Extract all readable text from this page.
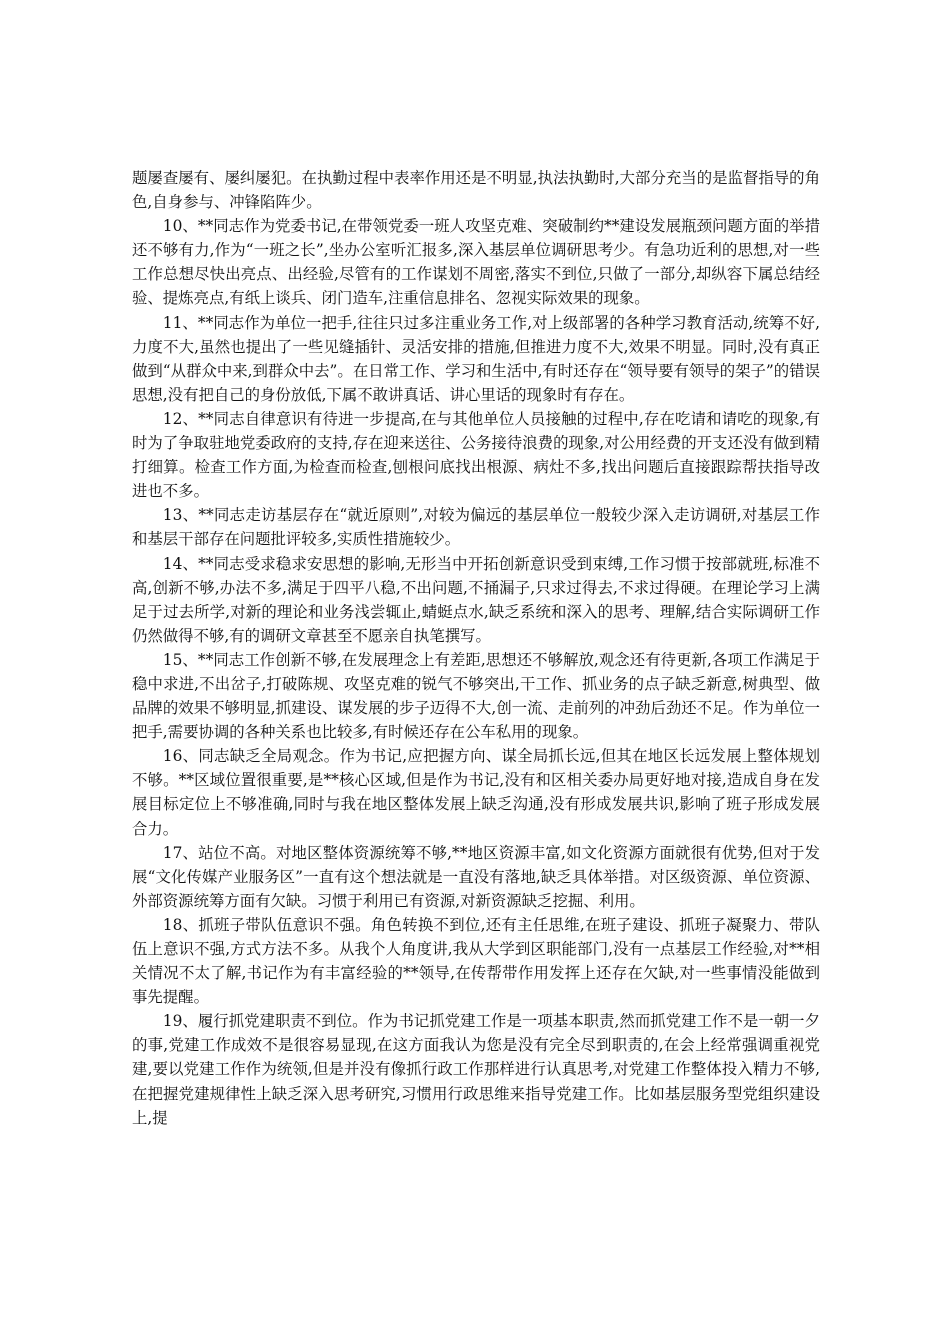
题屡查屡有、屡纠屡犯。在执勤过程中表率作用还是不明显,执法执勤时,大部分充当的是监督指导的角色,自身参与、冲锋陷阵少。

10、**同志作为党委书记,在带领党委一班人攻坚克难、突破制约**建设发展瓶颈问题方面的举措还不够有力,作为“一班之长”,坐办公室听汇报多,深入基层单位调研思考少。有急功近利的思想,对一些工作总想尽快出亮点、出经验,尽管有的工作谋划不周密,落实不到位,只做了一部分,却纵容下属总结经验、提炼亮点,有纸上谈兵、闭门造车,注重信息排名、忽视实际效果的现象。

11、**同志作为单位一把手,往往只过多注重业务工作,对上级部署的各种学习教育活动,统筹不好,力度不大,虽然也提出了一些见缝插针、灵活安排的措施,但推进力度不大,效果不明显。同时,没有真正做到“从群众中来,到群众中去”。在日常工作、学习和生活中,有时还存在“领导要有领导的架子”的错误思想,没有把自己的身份放低,下属不敢讲真话、讲心里话的现象时有存在。

12、**同志自律意识有待进一步提高,在与其他单位人员接触的过程中,存在吃请和请吃的现象,有时为了争取驻地党委政府的支持,存在迎来送往、公务接待浪费的现象,对公用经费的开支还没有做到精打细算。检查工作方面,为检查而检查,刨根问底找出根源、病灶不多,找出问题后直接跟踪帮扶指导改进也不多。

13、**同志走访基层存在“就近原则”,对较为偏远的基层单位一般较少深入走访调研,对基层工作和基层干部存在问题批评较多,实质性措施较少。

14、**同志受求稳求安思想的影响,无形当中开拓创新意识受到束缚,工作习惯于按部就班,标准不高,创新不够,办法不多,满足于四平八稳,不出问题,不捅漏子,只求过得去,不求过得硬。在理论学习上满足于过去所学,对新的理论和业务浅尝辄止,蜻蜓点水,缺乏系统和深入的思考、理解,结合实际调研工作仍然做得不够,有的调研文章甚至不愿亲自执笔撰写。

15、**同志工作创新不够,在发展理念上有差距,思想还不够解放,观念还有待更新,各项工作满足于稳中求进,不出岔子,打破陈规、攻坚克难的锐气不够突出,干工作、抓业务的点子缺乏新意,树典型、做品牌的效果不够明显,抓建设、谋发展的步子迈得不大,创一流、走前列的冲劲后劲还不足。作为单位一把手,需要协调的各种关系也比较多,有时候还存在公车私用的现象。

16、同志缺乏全局观念。作为书记,应把握方向、谋全局抓长远,但其在地区长远发展上整体规划不够。**区域位置很重要,是**核心区域,但是作为书记,没有和区相关委办局更好地对接,造成自身在发展目标定位上不够准确,同时与我在地区整体发展上缺乏沟通,没有形成发展共识,影响了班子形成发展合力。

17、站位不高。对地区整体资源统筹不够,**地区资源丰富,如文化资源方面就很有优势,但对于发展“文化传媒产业服务区”一直有这个想法就是一直没有落地,缺乏具体举措。对区级资源、单位资源、外部资源统筹方面有欠缺。习惯于利用已有资源,对新资源缺乏挖掘、利用。

18、抓班子带队伍意识不强。角色转换不到位,还有主任思维,在班子建设、抓班子凝聚力、带队伍上意识不强,方式方法不多。从我个人角度讲,我从大学到区职能部门,没有一点基层工作经验,对**相关情况不太了解,书记作为有丰富经验的**领导,在传帮带作用发挥上还存在欠缺,对一些事情没能做到事先提醒。

19、履行抓党建职责不到位。作为书记抓党建工作是一项基本职责,然而抓党建工作不是一朝一夕的事,党建工作成效不是很容易显现,在这方面我认为您是没有完全尽到职责的,在会上经常强调重视党建,要以党建工作作为统领,但是并没有像抓行政工作那样进行认真思考,对党建工作整体投入精力不够,在把握党建规律性上缺乏深入思考研究,习惯用行政思维来指导党建工作。比如基层服务型党组织建设上,提
